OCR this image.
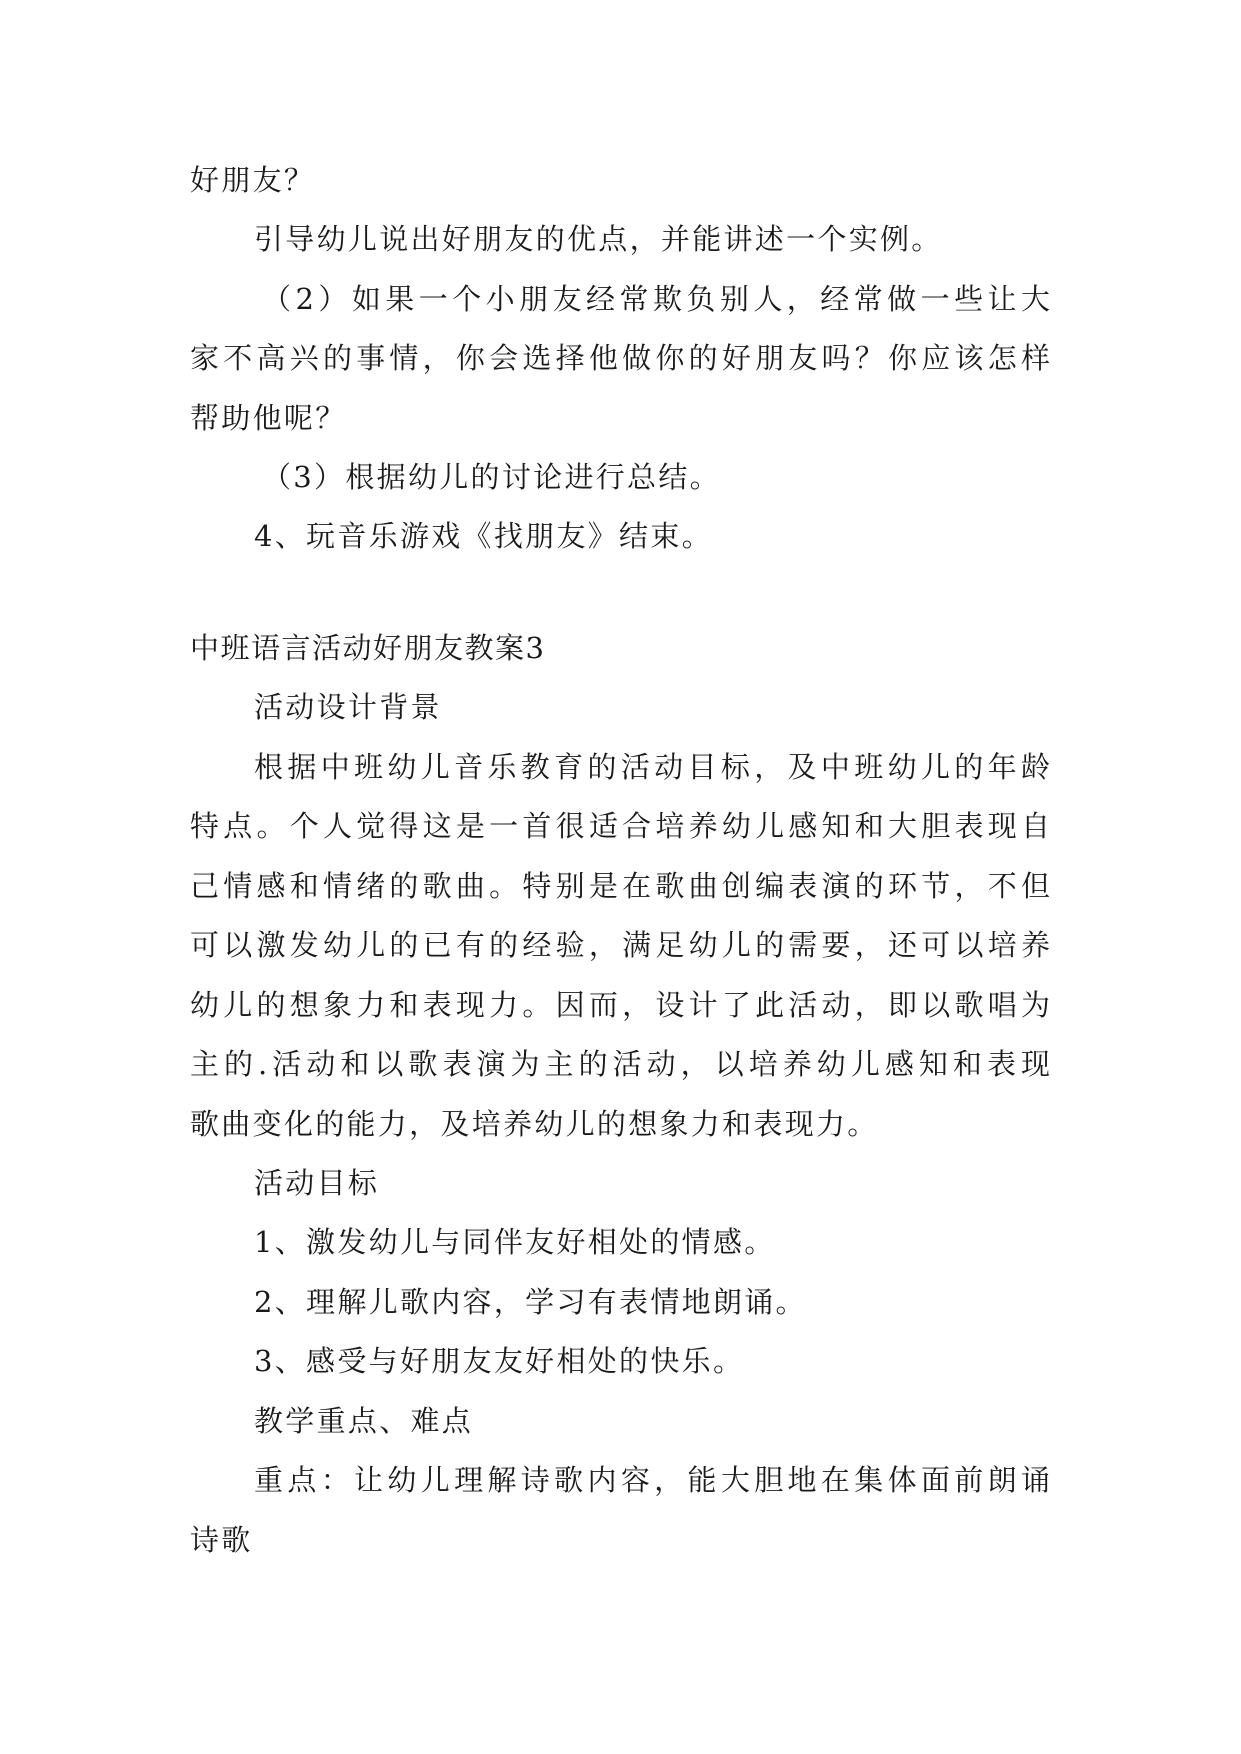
好朋友？
引导幼儿说出好朋友的优点，并能讲述一个实例。
（2）如果一个小朋友经常欺负别人，经常做一些让大
家不高兴的事情，你会选择他做你的好朋友吗？你应该怎样
帮助他呢？
（3）根据幼儿的讨论进行总结。
4、玩音乐游戏《找朋友》结束。
中班语言活动好朋友教案3
活动设计背景
根据中班幼儿音乐教育的活动目标，及中班幼儿的年龄
特点。个人觉得这是一首很适合培养幼儿感知和大胆表现自
己情感和情绪的歌曲。特别是在歌曲创编表演的环节，不但
可以激发幼儿的已有的经验，满足幼儿的需要，还可以培养
幼儿的想象力和表现力。因而，设计了此活动，即以歌唱为
主的.活动和以歌表演为主的活动，以培养幼儿感知和表现
歌曲变化的能力，及培养幼儿的想象力和表现力。
活动目标
1、激发幼儿与同伴友好相处的情感。
2、理解儿歌内容，学习有表情地朗诵。
3、感受与好朋友友好相处的快乐。
教学重点、难点
重点：让幼儿理解诗歌内容，能大胆地在集体面前朗诵
诗歌
